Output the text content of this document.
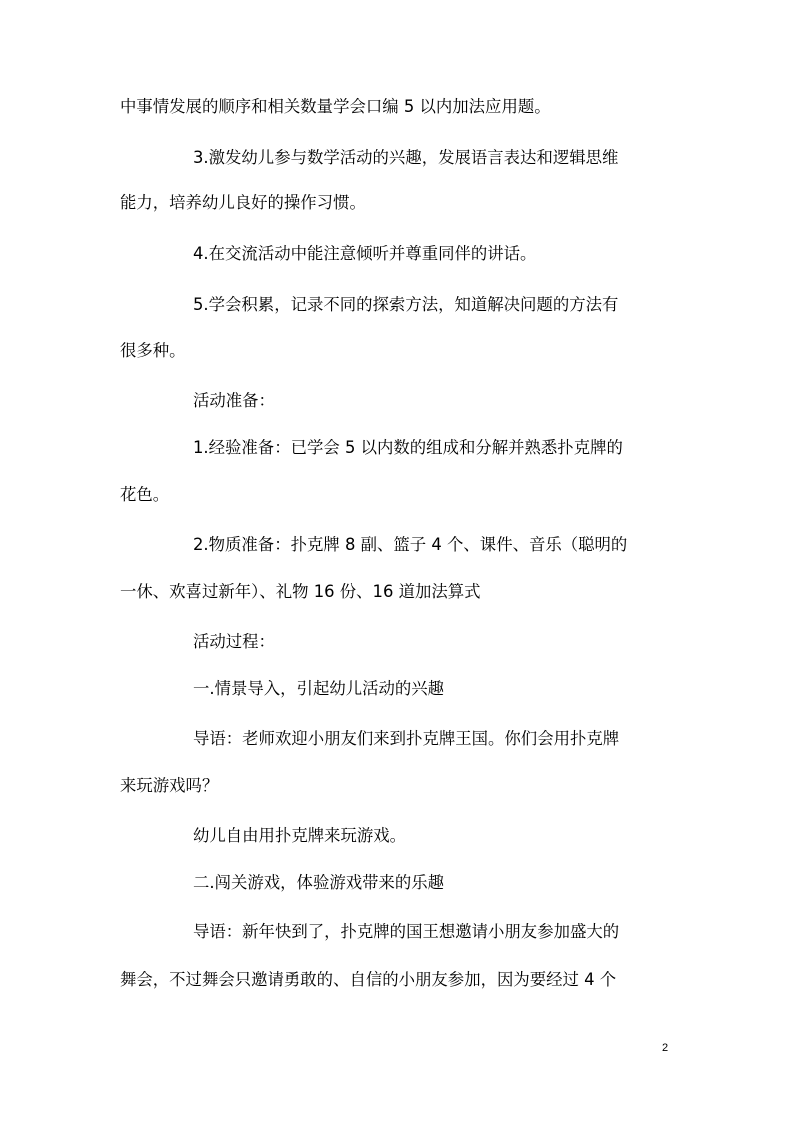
中事情发展的顺序和相关数量学会口编 5 以内加法应用题。
3.激发幼儿参与数学活动的兴趣，发展语言表达和逻辑思维
能力，培养幼儿良好的操作习惯。
4.在交流活动中能注意倾听并尊重同伴的讲话。
5.学会积累，记录不同的探索方法，知道解决问题的方法有
很多种。
活动准备：
1.经验准备：已学会 5 以内数的组成和分解并熟悉扑克牌的
花色。
2.物质准备：扑克牌 8 副、篮子 4 个、课件、音乐（聪明的
一休、欢喜过新年）、礼物 16 份、16 道加法算式
活动过程：
一.情景导入，引起幼儿活动的兴趣
导语：老师欢迎小朋友们来到扑克牌王国。你们会用扑克牌
来玩游戏吗？
幼儿自由用扑克牌来玩游戏。
二.闯关游戏，体验游戏带来的乐趣
导语：新年快到了，扑克牌的国王想邀请小朋友参加盛大的
舞会，不过舞会只邀请勇敢的、自信的小朋友参加，因为要经过 4 个
2
